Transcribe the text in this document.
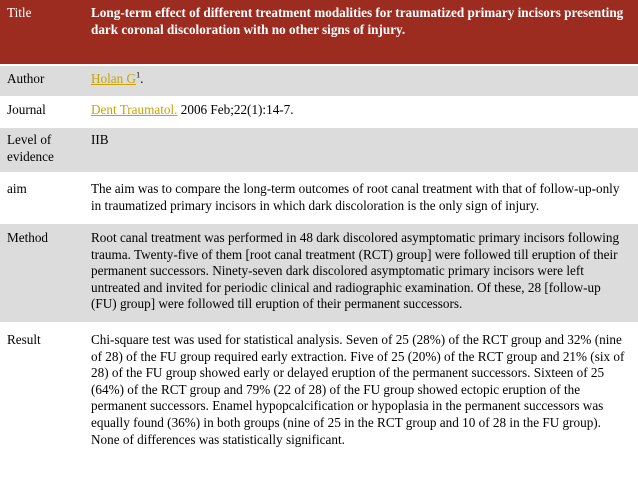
Title	Long-term effect of different treatment modalities for traumatized primary incisors presenting dark coronal discoloration with no other signs of injury.

Author	Holan $G^1$.

Journal	Dent Traumatol. 2006 Feb;22(1):14-7.

Level of
evidence	IIB

aim	The aim was to compare the long-term outcomes of root canal treatment with that of follow-up-only in traumatized primary incisors in which dark discoloration is the only sign of injury.

Method	Root canal treatment was performed in 48 dark discolored asymptomatic primary incisors following trauma. Twenty-five of them [root canal treatment (RCT) group] were followed till eruption of their permanent successors. Ninety-seven dark discolored asymptomatic primary incisors were left untreated and invited for periodic clinical and radiographic examination. Of these, 28 [follow-up (FU) group] were followed till eruption of their permanent successors.

Result	Chi-square test was used for statistical analysis. Seven of 25 (28%) of the RCT group and 32% (nine of 28) of the FU group required early extraction. Five of 25 (20%) of the RCT group and 21% (six of 28) of the FU group showed early or delayed eruption of the permanent successors. Sixteen of 25 (64%) of the RCT group and 79% (22 of 28) of the FU group showed ectopic eruption of the permanent successors. Enamel hypopcalcification or hypoplasia in the permanent successors was equally found (36%) in both groups (nine of 25 in the RCT group and 10 of 28 in the FU group). None of differences was statistically significant.
